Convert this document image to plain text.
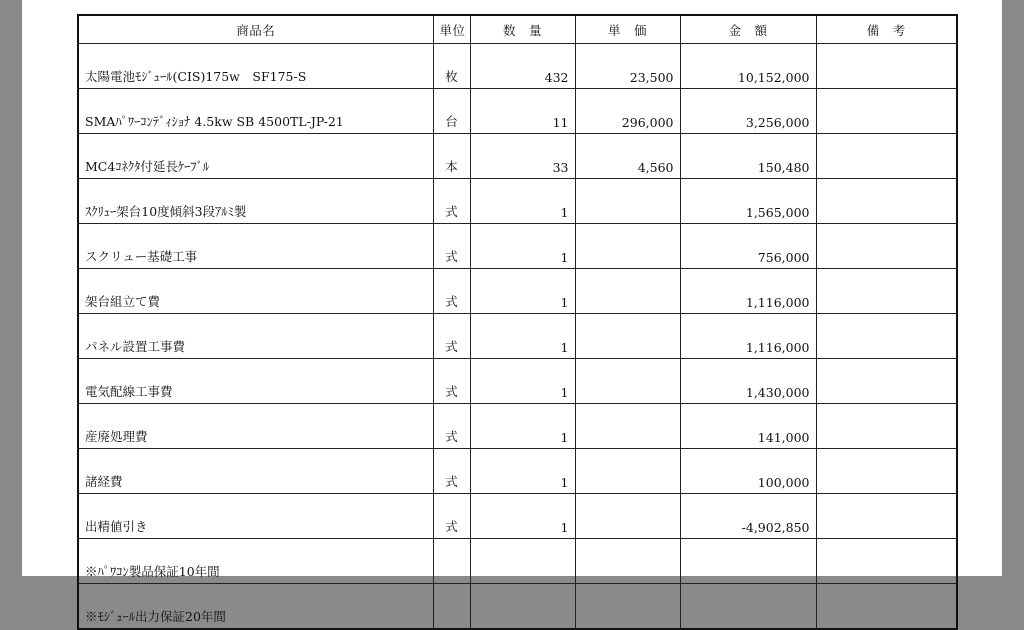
商品名	単位	数　量	単　価	金　額	備　考
太陽電池ﾓｼﾞｭｰﾙ(CIS)175w　SF175-S	枚	432	23,500	10,152,000	
SMAﾊﾟﾜｰｺﾝﾃﾞｨｼｮﾅ 4.5kw SB 4500TL-JP-21	台	11	296,000	3,256,000	
MC4ｺﾈｸﾀ付延長ｹｰﾌﾞﾙ	本	33	4,560	150,480	
ｽｸﾘｭｰ架台10度傾斜3段ｱﾙﾐ製	式	1		1,565,000	
スクリュー基礎工事	式	1		756,000	
架台組立て費	式	1		1,116,000	
パネル設置工事費	式	1		1,116,000	
電気配線工事費	式	1		1,430,000	
産廃処理費	式	1		141,000	
諸経費	式	1		100,000	
出精値引き	式	1		-4,902,850	
※ﾊﾟﾜｺﾝ製品保証10年間					
※ﾓｼﾞｭｰﾙ出力保証20年間					
